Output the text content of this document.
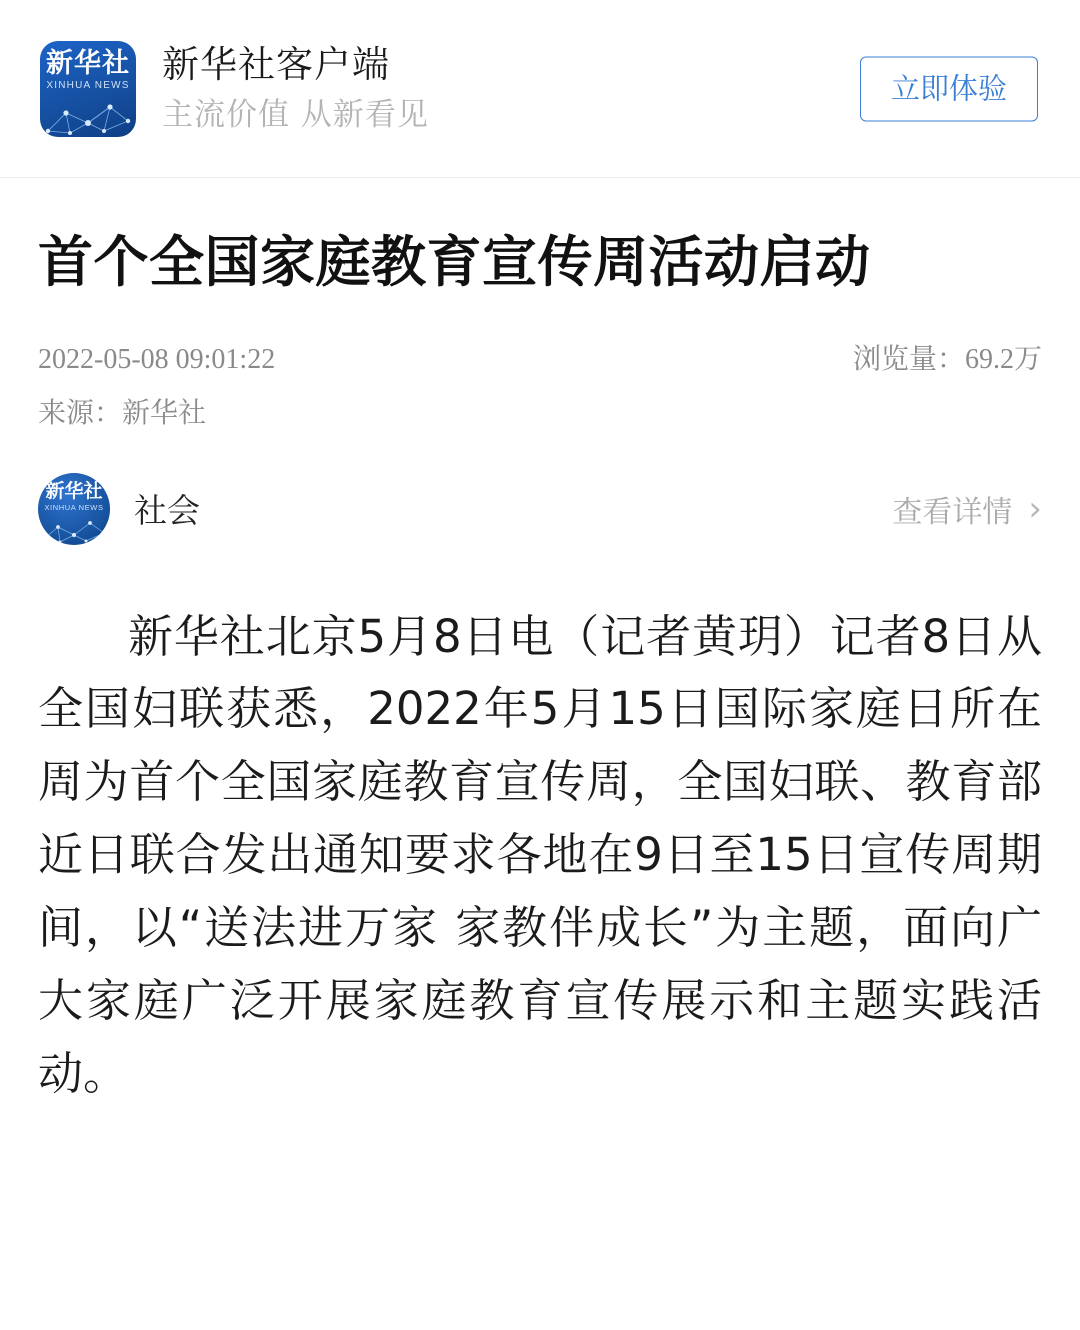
新华社
XINHUA NEWS 新华社客户端
主流价值 从新看见
立即体验
首个全国家庭教育宣传周活动启动
2022-05-08 09:01:22	浏览量：69.2万
来源：新华社
新华社
XINHUA NEWS 社会	查看详情 ›

新华社北京5月8日电（记者黄玥）记者8日从全国妇联获悉，2022年5月15日国际家庭日所在周为首个全国家庭教育宣传周，全国妇联、教育部近日联合发出通知要求各地在9日至15日宣传周期间，以“送法进万家 家教伴成长”为主题，面向广大家庭广泛开展家庭教育宣传展示和主题实践活动。
